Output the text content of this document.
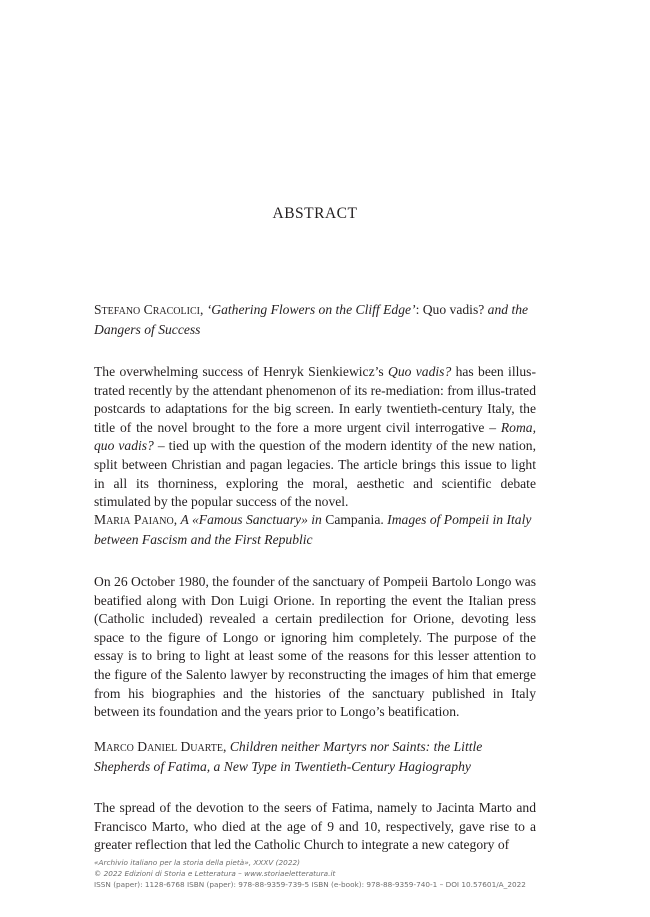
ABSTRACT

Stefano Cracolici, ‘Gathering Flowers on the Cliff Edge’: Quo vadis? and the Dangers of Success

The overwhelming success of Henryk Sienkiewicz’s Quo vadis? has been illus-trated recently by the attendant phenomenon of its re-mediation: from illus-trated postcards to adaptations for the big screen. In early twentieth-century Italy, the title of the novel brought to the fore a more urgent civil interrogative – Roma, quo vadis? – tied up with the question of the modern identity of the new nation, split between Christian and pagan legacies. The article brings this issue to light in all its thorniness, exploring the moral, aesthetic and scientific debate stimulated by the popular success of the novel.

Maria Paiano, A «Famous Sanctuary» in Campania. Images of Pompeii in Italy between Fascism and the First Republic

On 26 October 1980, the founder of the sanctuary of Pompeii Bartolo Longo was beatified along with Don Luigi Orione. In reporting the event the Italian press (Catholic included) revealed a certain predilection for Orione, devoting less space to the figure of Longo or ignoring him completely. The purpose of the essay is to bring to light at least some of the reasons for this lesser attention to the figure of the Salento lawyer by reconstructing the images of him that emerge from his biographies and the histories of the sanctuary published in Italy between its foundation and the years prior to Longo’s beatification.

Marco Daniel Duarte, Children neither Martyrs nor Saints: the Little Shepherds of Fatima, a New Type in Twentieth-Century Hagiography

The spread of the devotion to the seers of Fatima, namely to Jacinta Marto and Francisco Marto, who died at the age of 9 and 10, respectively, gave rise to a greater reflection that led the Catholic Church to integrate a new category of

«Archivio italiano per la storia della pietà», XXXV (2022)
© 2022 Edizioni di Storia e Letteratura – www.storiaeletteratura.it
ISSN (paper): 1128-6768 ISBN (paper): 978-88-9359-739-5 ISBN (e-book): 978-88-9359-740-1 – DOI 10.57601/A_2022
